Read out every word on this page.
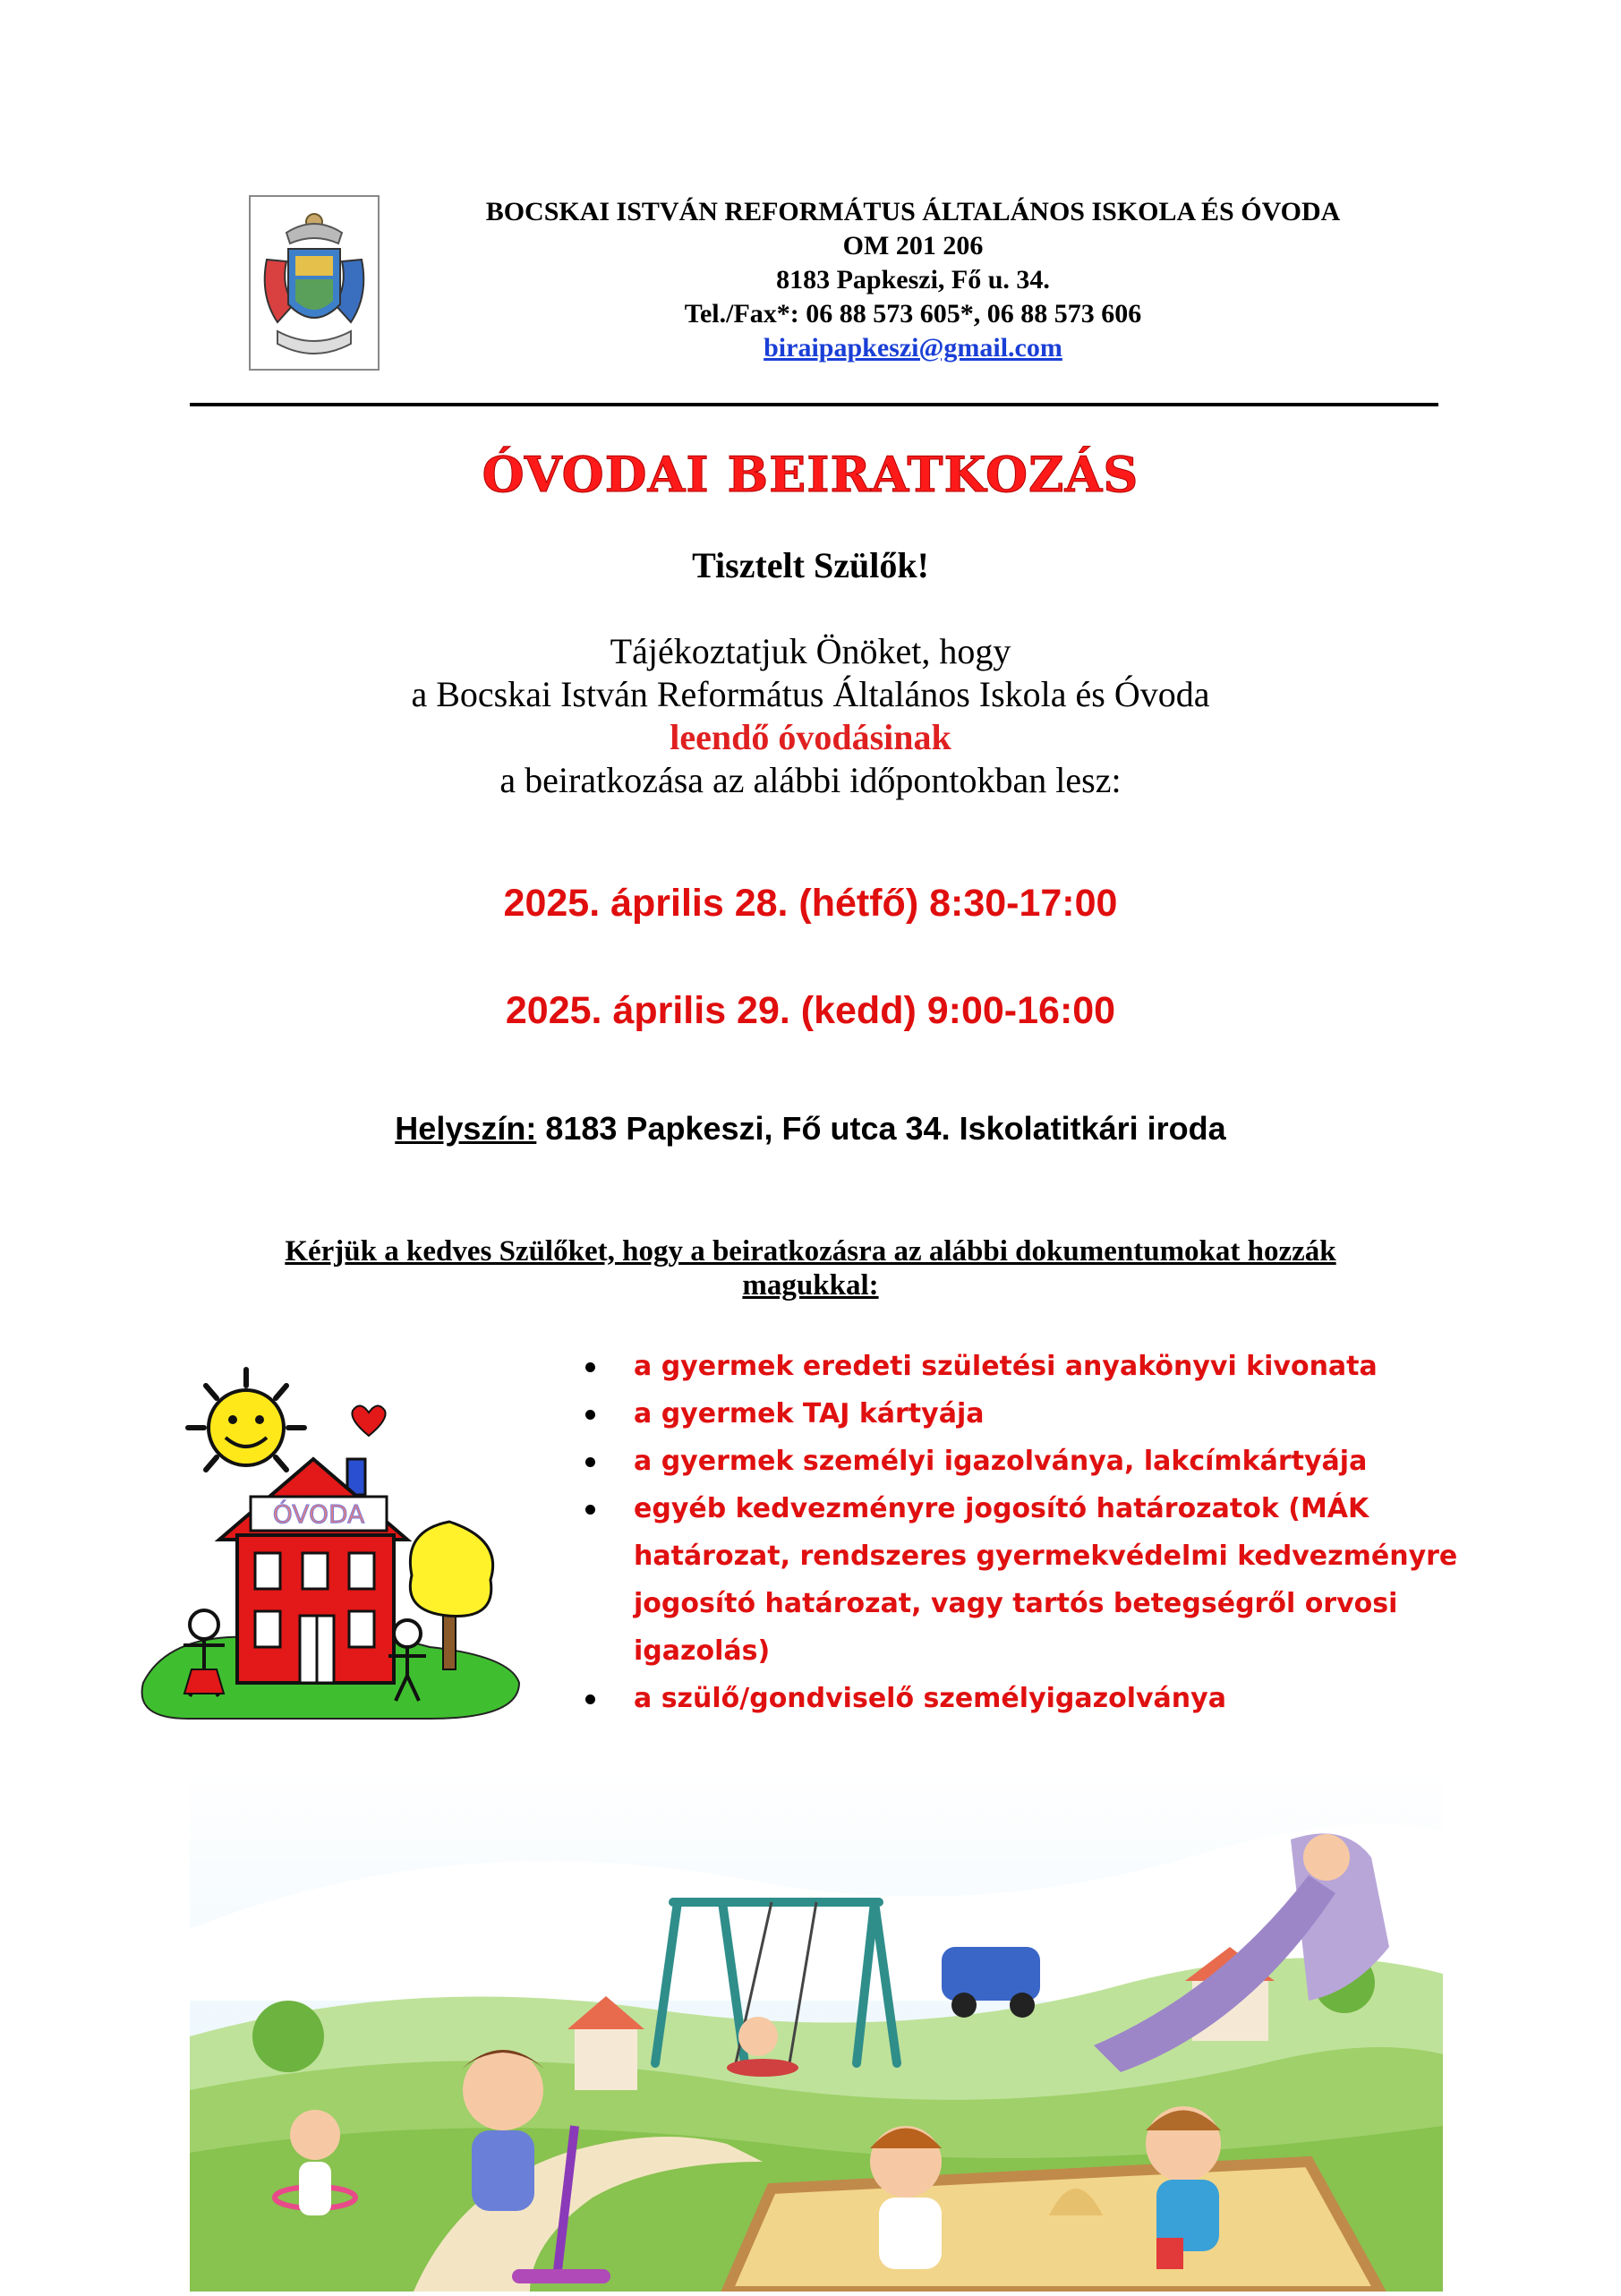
BOCSKAI ISTVÁN REFORMÁTUS ÁLTALÁNOS ISKOLA ÉS ÓVODA
OM 201 206
8183 Papkeszi, Fő u. 34.
Tel./Fax*: 06 88 573 605*, 06 88 573 606
biraipapkeszi@gmail.com
ÓVODAI BEIRATKOZÁS
Tisztelt Szülők!
Tájékoztatjuk Önöket, hogy
a Bocskai István Református Általános Iskola és Óvoda
leendő óvodásinak
a beiratkozása az alábbi időpontokban lesz:
2025. április 28. (hétfő) 8:30-17:00
2025. április 29. (kedd) 9:00-16:00
Helyszín: 8183 Papkeszi, Fő utca 34. Iskolatitkári iroda
Kérjük a kedves Szülőket, hogy a beiratkozásra az alábbi dokumentumokat hozzák
magukkal:
ÓVODA
a gyermek eredeti születési anyakönyvi kivonata
a gyermek TAJ kártyája
a gyermek személyi igazolványa, lakcímkártyája
egyéb kedvezményre jogosító határozatok (MÁK határozat, rendszeres gyermekvédelmi kedvezményre jogosító határozat, vagy tartós betegségről orvosi igazolás)
a szülő/gondviselő személyigazolványa
